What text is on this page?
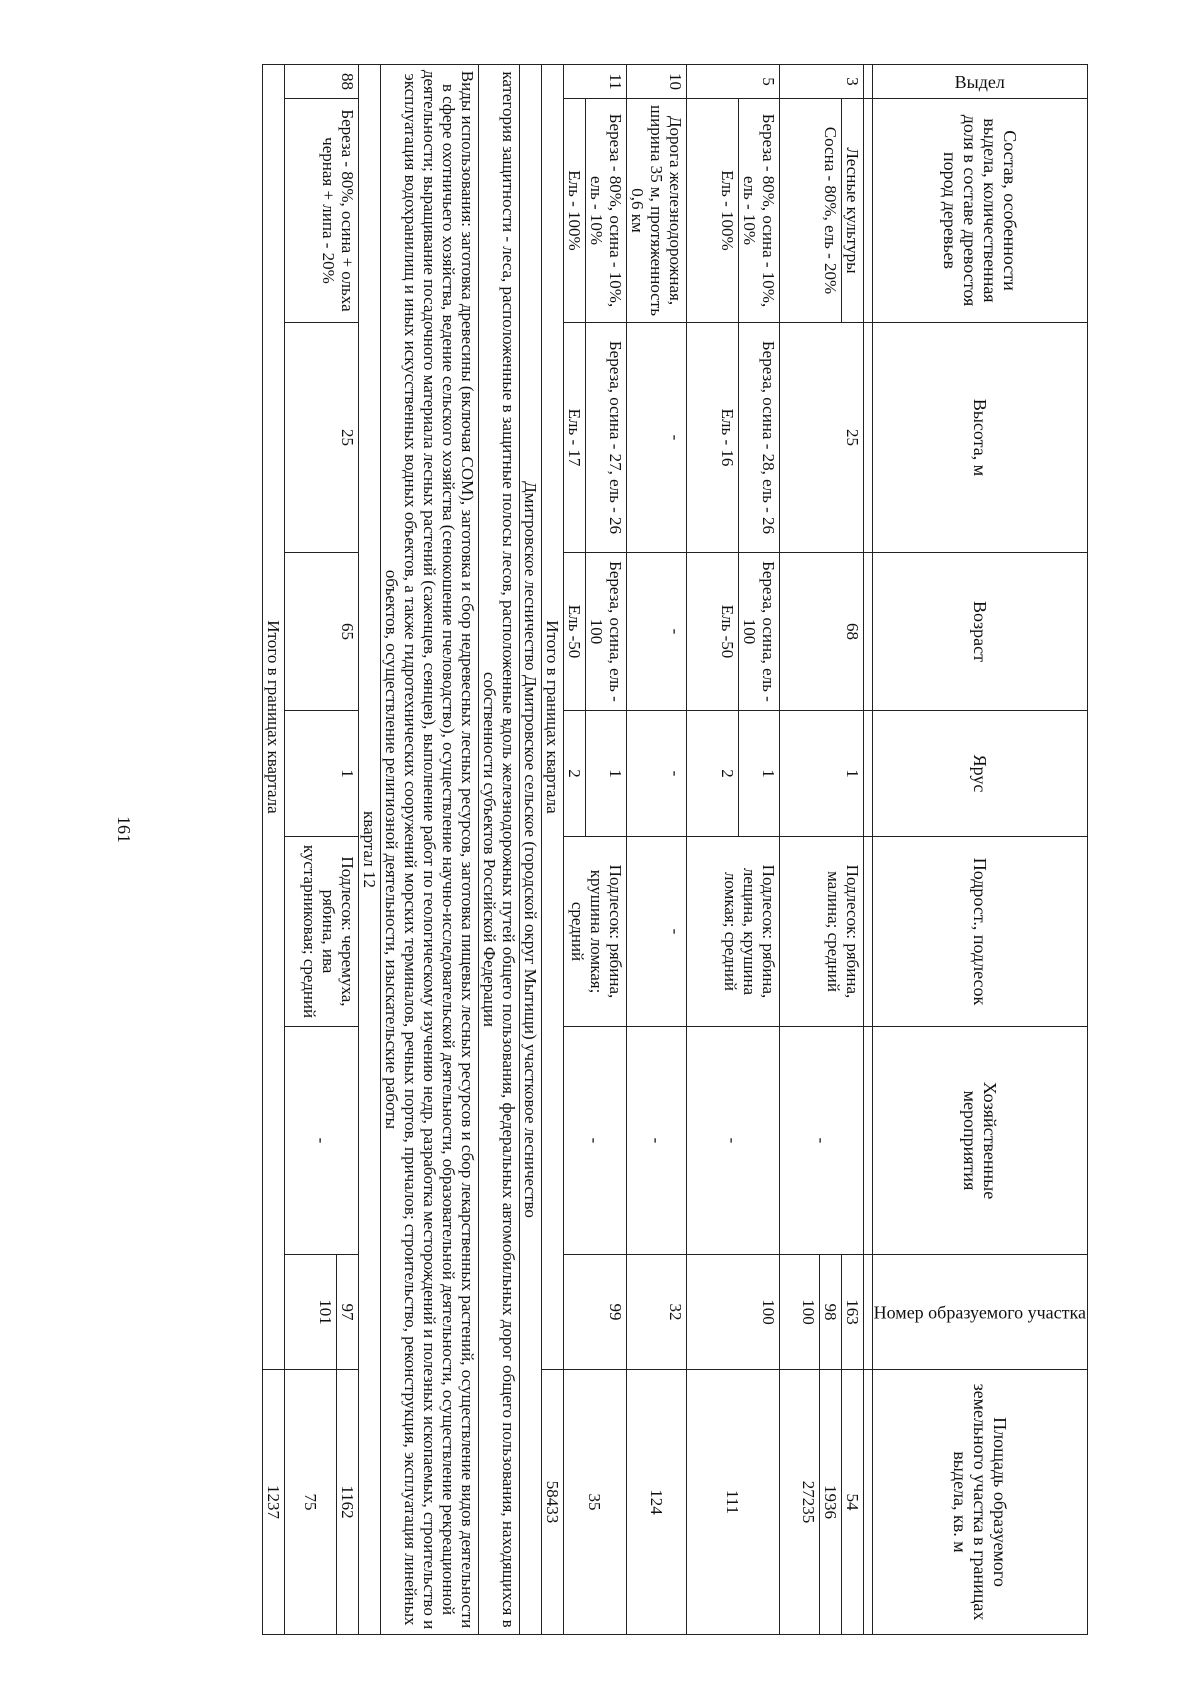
Выдел	Состав, особенности выдела, количественная доля в составе древостоя пород деревьев	Высота, м	Возраст	Ярус	Подрост., подлесок	Хозяйственные мероприятия	Номер образуемого участка	Площадь образуемого земельного участка в границах выдела, кв. м

3	Лесные культуры	25	68	1	Подлесок: рябина, малина; средний	-	163	54
	Сосна - 80%, ель - 20%						98	1936
							100	27235
5	Береза - 80%, осина - 10%, ель - 10%	Береза, осина - 28, ель - 26	Береза, осина, ель - 100	1	Подлесок: рябина, лещина, крушина ломкая; средний	-	100	111
	Ель - 100%	Ель - 16	Ель -50	2				
10	Дорога железнодорожная, ширина 35 м, протяженность 0,6 км	-	-	-	-	-	32	124
11	Береза - 80%, осина - 10%, ель - 10%	Береза, осина - 27, ель - 26	Береза, осина, ель - 100	1	Подлесок: рябина, крушина ломкая; средний	-	99	35
	Ель - 100%	Ель - 17	Ель -50	2				
Итого в границах квартала								58433
Дмитровское лесничество Дмитровское сельское (городской округ Мытищи) участковое лесничество								
категория защитности - леса, расположенные в защитные полосы лесов, расположенные вдоль железнодорожных путей общего пользования, федеральных автомобильных дорог общего пользования, находящихся в собственности субъектов Российской Федерации								
Виды использования: заготовка древесины (включая СОМ), заготовка и сбор недревесных лесных ресурсов, заготовка пищевых лесных ресурсов и сбор лекарственных растений, осуществление видов деятельности в сфере охотничьего хозяйства, ведение сельского хозяйства (сенокошение пчеловодство), осуществление научно-исследовательской деятельности, образовательной деятельности, осуществление рекреационной деятельности; выращивание посадочного материала лесных растений (саженцев, сеянцев), выполнение работ по геологическому изучению недр, разработка месторождений и полезных ископаемых, строительство и эксплуатация водохранилищ и иных искусственных водных объектов, а также гидротехнических сооружений морских терминалов, речных портов, причалов; строительство, реконструкция, эксплуатация линейных объектов, осуществление религиозной деятельности, изыскательские работы								
квартал 12								
88	Береза - 80%, осина + ольха черная + липа - 20%	25	65	1	Подлесок: черемуха, рябина, ива кустарниковая; средний	-	97	1162
							101	75
Итого в границах квартала								1237
161
